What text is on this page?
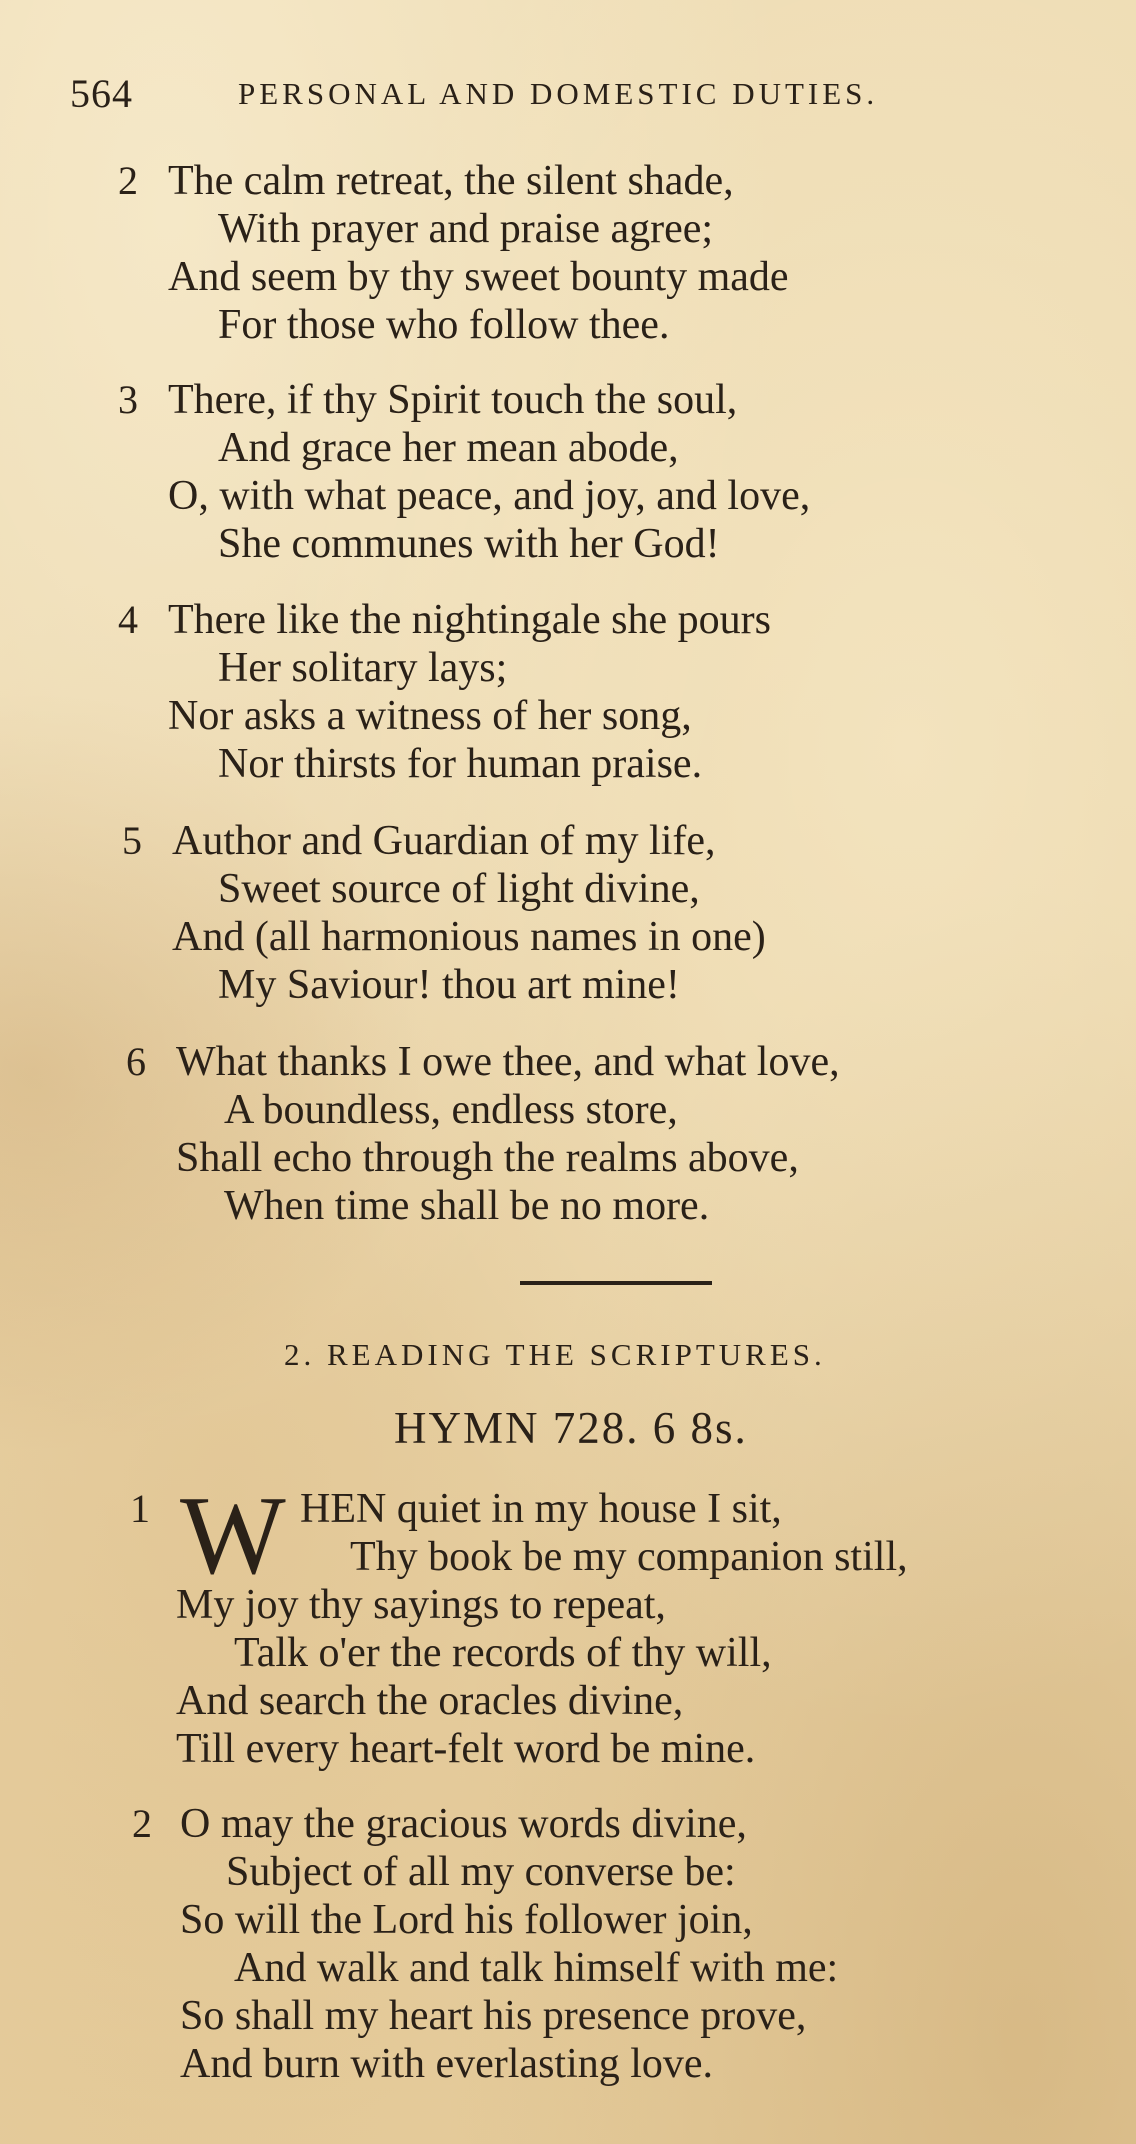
564	PERSONAL AND DOMESTIC DUTIES.
2 The calm retreat, the silent shade,
With prayer and praise agree;
And seem by thy sweet bounty made
For those who follow thee.
3 There, if thy Spirit touch the soul,
And grace her mean abode,
O, with what peace, and joy, and love,
She communes with her God!
4 There like the nightingale she pours
Her solitary lays;
Nor asks a witness of her song,
Nor thirsts for human praise.
5 Author and Guardian of my life,
Sweet source of light divine,
And (all harmonious names in one)
My Saviour! thou art mine!
6 What thanks I owe thee, and what love,
A boundless, endless store,
Shall echo through the realms above,
When time shall be no more.
2. READING THE SCRIPTURES.
HYMN 728. 6 8s.
1 W HEN quiet in my house I sit,
Thy book be my companion still,
My joy thy sayings to repeat,
Talk o'er the records of thy will,
And search the oracles divine,
Till every heart-felt word be mine.
2 O may the gracious words divine,
Subject of all my converse be:
So will the Lord his follower join,
And walk and talk himself with me:
So shall my heart his presence prove,
And burn with everlasting love.
